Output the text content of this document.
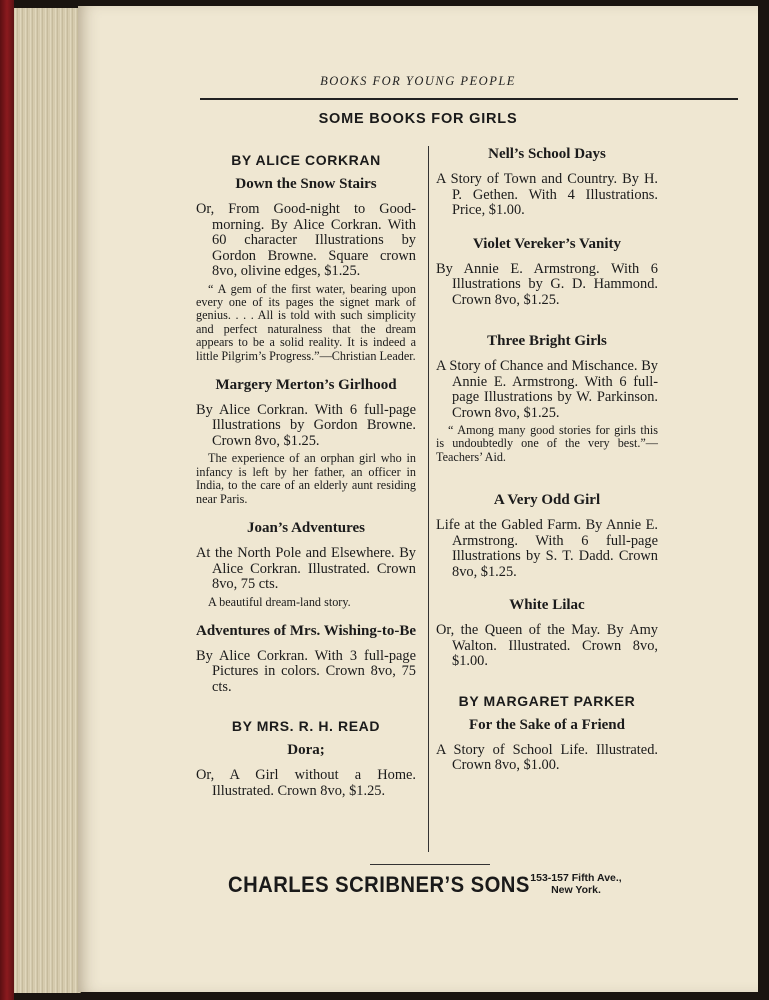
BOOKS FOR YOUNG PEOPLE
SOME BOOKS FOR GIRLS
BY ALICE CORKRAN
Down the Snow Stairs
Or, From Good-night to Good-morning. By Alice Corkran. With 60 character Illustrations by Gordon Browne. Square crown 8vo, olivine edges, $1.25.
“ A gem of the first water, bearing upon every one of its pages the signet mark of genius. . . . All is told with such simplicity and perfect naturalness that the dream appears to be a solid reality. It is indeed a little Pilgrim’s Progress.”—Christian Leader.
Margery Merton’s Girlhood
By Alice Corkran. With 6 full-page Illustrations by Gordon Browne. Crown 8vo, $1.25.
The experience of an orphan girl who in infancy is left by her father, an officer in India, to the care of an elderly aunt residing near Paris.
Joan’s Adventures
At the North Pole and Elsewhere. By Alice Corkran. Illustrated. Crown 8vo, 75 cts.
A beautiful dream-land story.
Adventures of Mrs. Wishing-to-Be
By Alice Corkran. With 3 full-page Pictures in colors. Crown 8vo, 75 cts.
BY MRS. R. H. READ
Dora;
Or, A Girl without a Home. Illustrated. Crown 8vo, $1.25.
Nell’s School Days
A Story of Town and Country. By H. P. Gethen. With 4 Illustrations. Price, $1.00.
Violet Vereker’s Vanity
By Annie E. Armstrong. With 6 Illustrations by G. D. Hammond. Crown 8vo, $1.25.
Three Bright Girls
A Story of Chance and Mischance. By Annie E. Armstrong. With 6 full-page Illustrations by W. Parkinson. Crown 8vo, $1.25.
“ Among many good stories for girls this is undoubtedly one of the very best.”—Teachers’ Aid.
A Very Odd Girl
Life at the Gabled Farm. By Annie E. Armstrong. With 6 full-page Illustrations by S. T. Dadd. Crown 8vo, $1.25.
White Lilac
Or, the Queen of the May. By Amy Walton. Illustrated. Crown 8vo, $1.00.
BY MARGARET PARKER
For the Sake of a Friend
A Story of School Life. Illustrated. Crown 8vo, $1.00.
CHARLES SCRIBNER’S SONS 153-157 Fifth Ave.,
New York.
